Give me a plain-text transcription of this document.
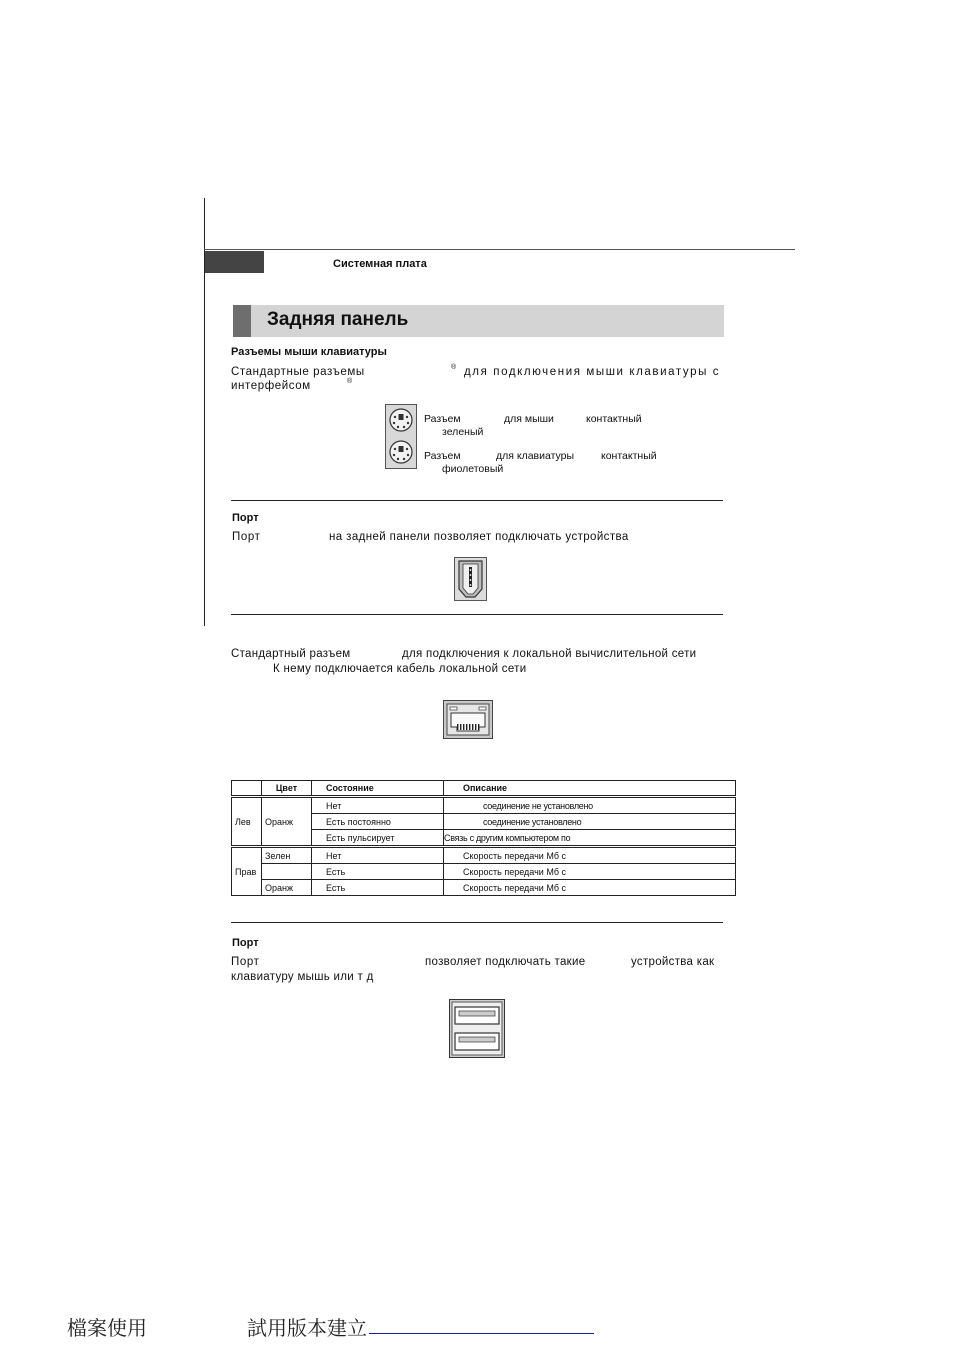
Системная плата
Задняя панель
Разъемы мыши клавиатуры
Стандартные разъемы	® для подключения мыши клавиатуры с
интерфейсом	®
Разъем	для мыши	контактный
зеленый
Разъем	для клавиатуры	контактный
фиолетовый
Порт
Порт	на задней панели позволяет подключать устройства
Стандартный разъем	для подключения к локальной вычислительной сети
К нему подключается кабель локальной сети
	Цвет	Состояние	Описание
Лев	Оранж	Нет	соединение не установлено
		Есть постоянно	соединение установлено
		Есть пульсирует	Связь с другим компьютером по
Прав	Зелен	Нет	Скорость передачи Мб с
		Есть	Скорость передачи Мб с
	Оранж	Есть	Скорость передачи Мб с
Порт
Порт	позволяет подключать такие	устройства как
клавиатуру мышь или т д
檔案使用	試用版本建立
